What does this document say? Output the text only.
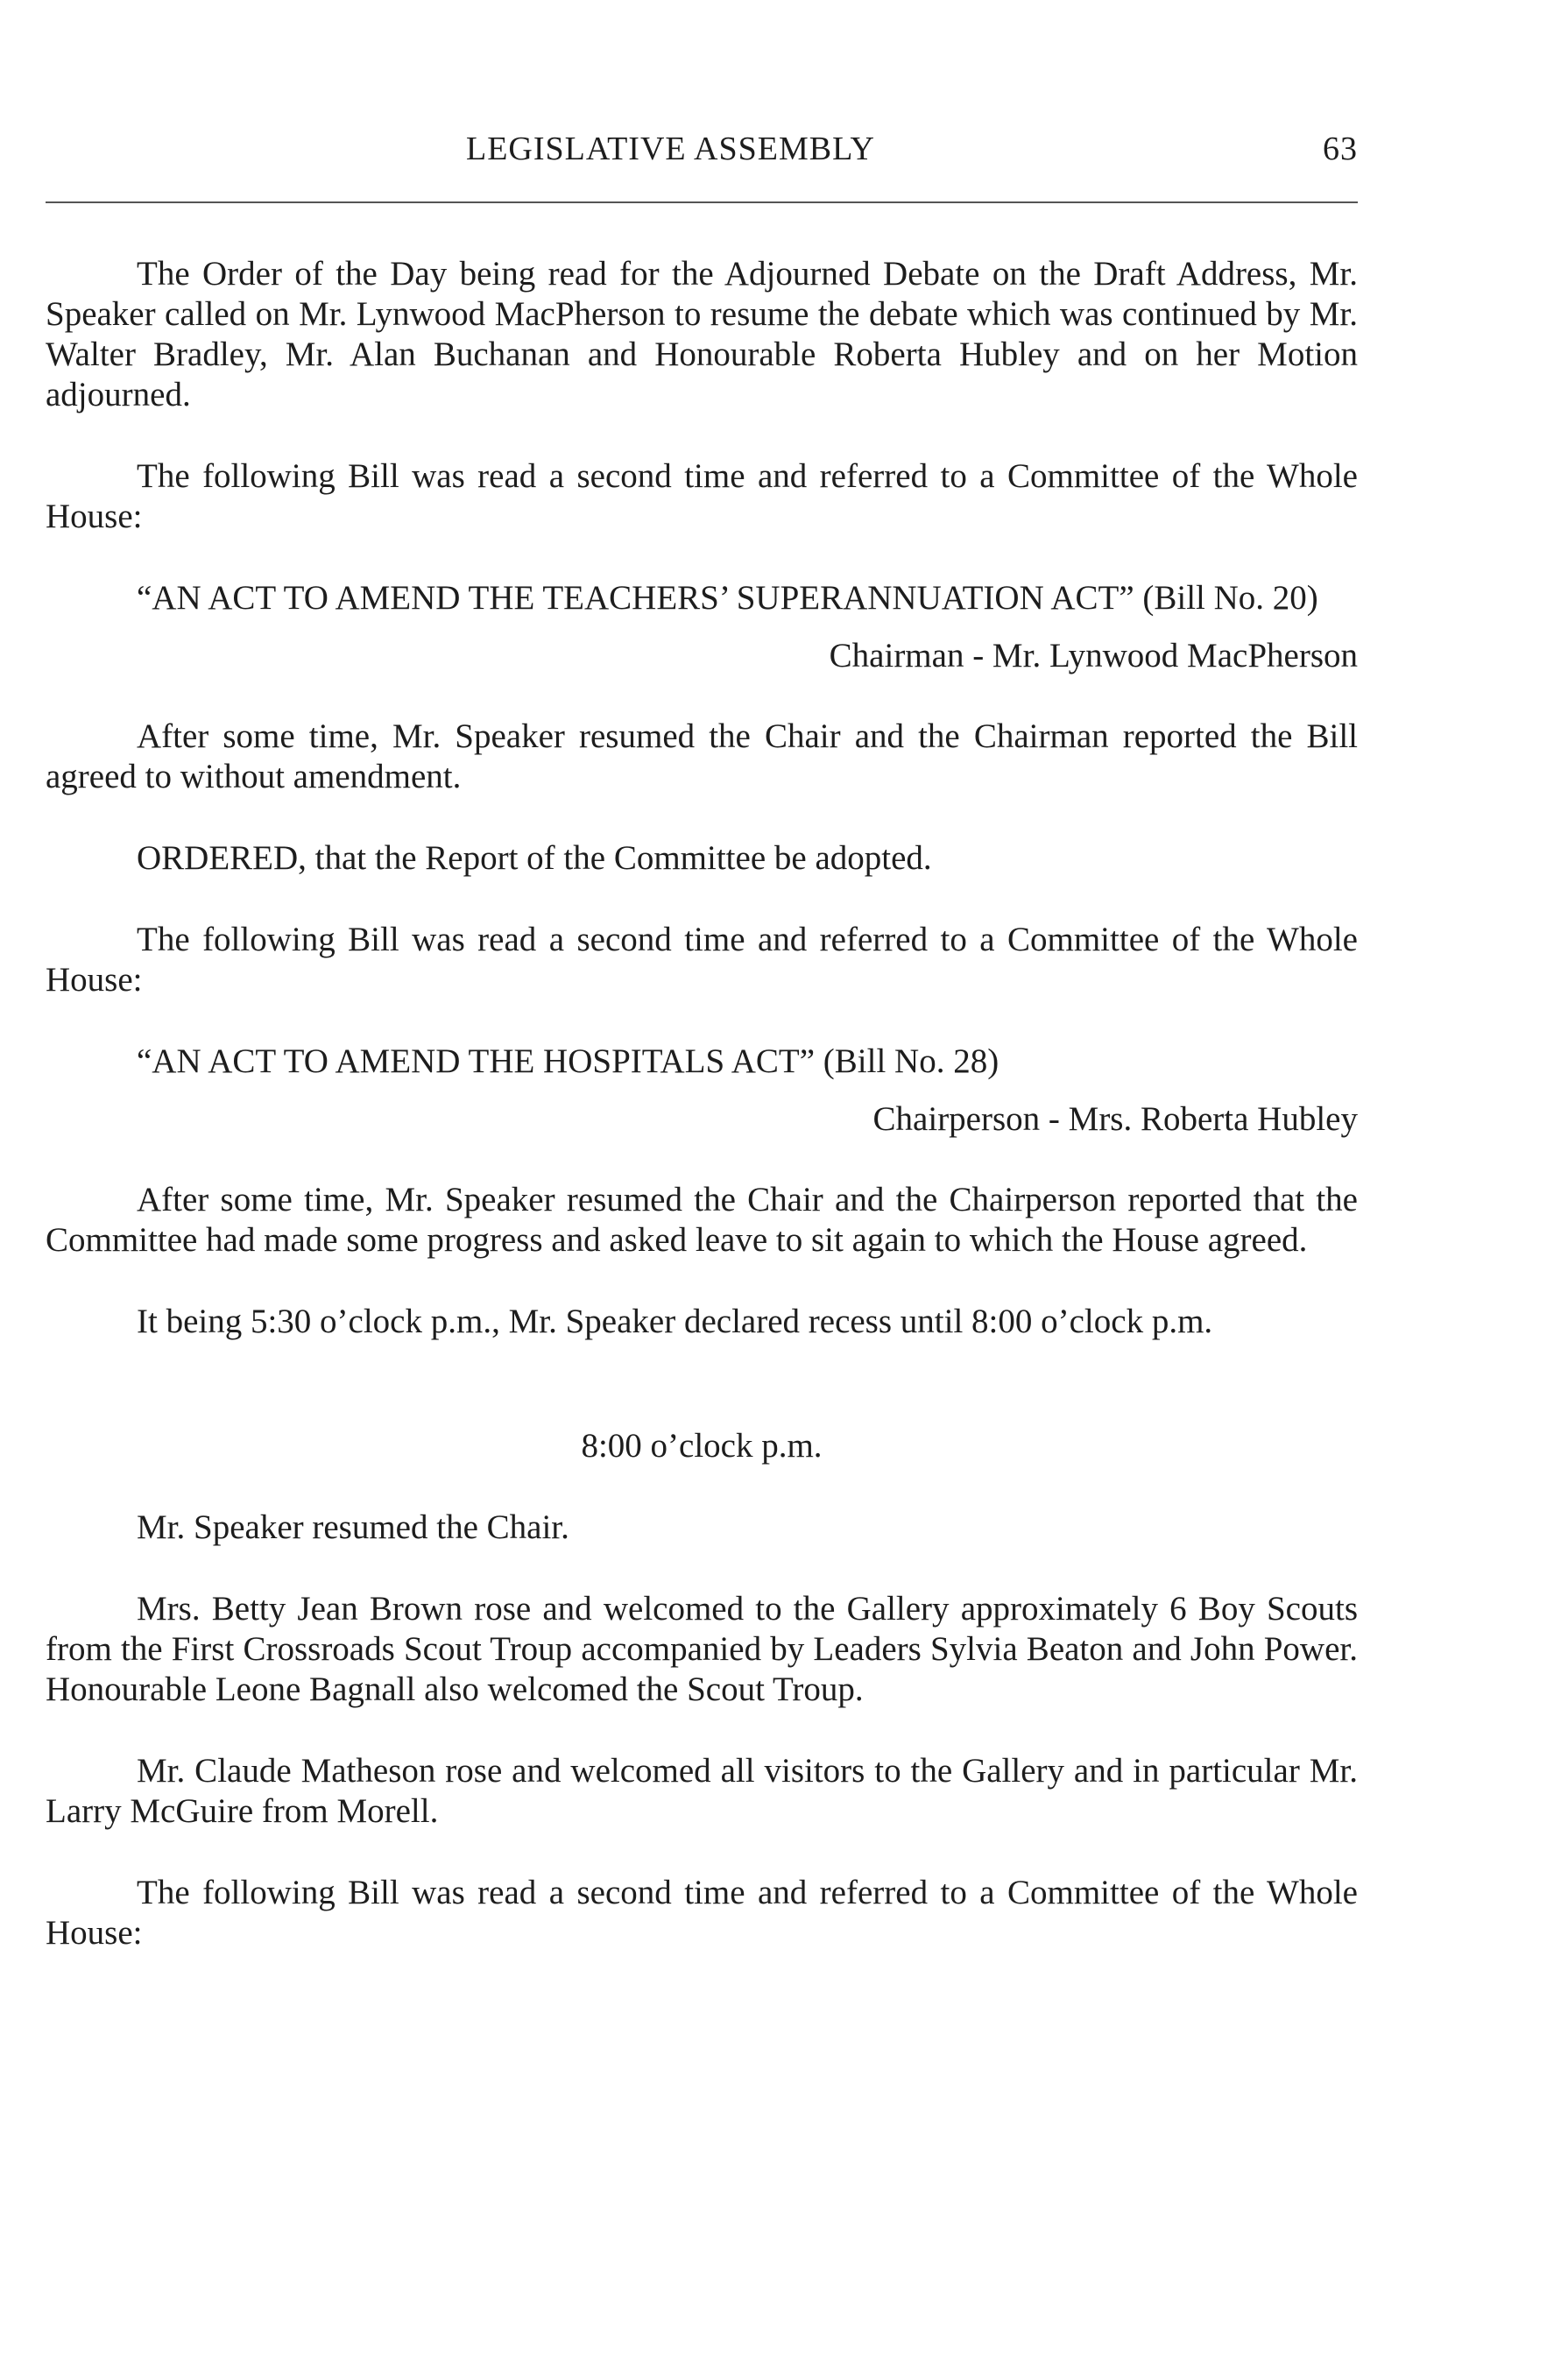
LEGISLATIVE ASSEMBLY	63

The Order of the Day being read for the Adjourned Debate on the Draft Address, Mr. Speaker called on Mr. Lynwood MacPherson to resume the debate which was continued by Mr. Walter Bradley, Mr. Alan Buchanan and Honourable Roberta Hubley and on her Motion adjourned.

The following Bill was read a second time and referred to a Committee of the Whole House:

“AN ACT TO AMEND THE TEACHERS’ SUPERANNUATION ACT” (Bill No. 20)

Chairman - Mr. Lynwood MacPherson

After some time, Mr. Speaker resumed the Chair and the Chairman reported the Bill agreed to without amendment.

ORDERED, that the Report of the Committee be adopted.

The following Bill was read a second time and referred to a Committee of the Whole House:

“AN ACT TO AMEND THE HOSPITALS ACT” (Bill No. 28)

Chairperson - Mrs. Roberta Hubley

After some time, Mr. Speaker resumed the Chair and the Chairperson reported that the Committee had made some progress and asked leave to sit again to which the House agreed.

It being 5:30 o’clock p.m., Mr. Speaker declared recess until 8:00 o’clock p.m.

8:00 o’clock p.m.

Mr. Speaker resumed the Chair.

Mrs. Betty Jean Brown rose and welcomed to the Gallery approximately 6 Boy Scouts from the First Crossroads Scout Troup accompanied by Leaders Sylvia Beaton and John Power. Honourable Leone Bagnall also welcomed the Scout Troup.

Mr. Claude Matheson rose and welcomed all visitors to the Gallery and in particular Mr. Larry McGuire from Morell.

The following Bill was read a second time and referred to a Committee of the Whole House:
